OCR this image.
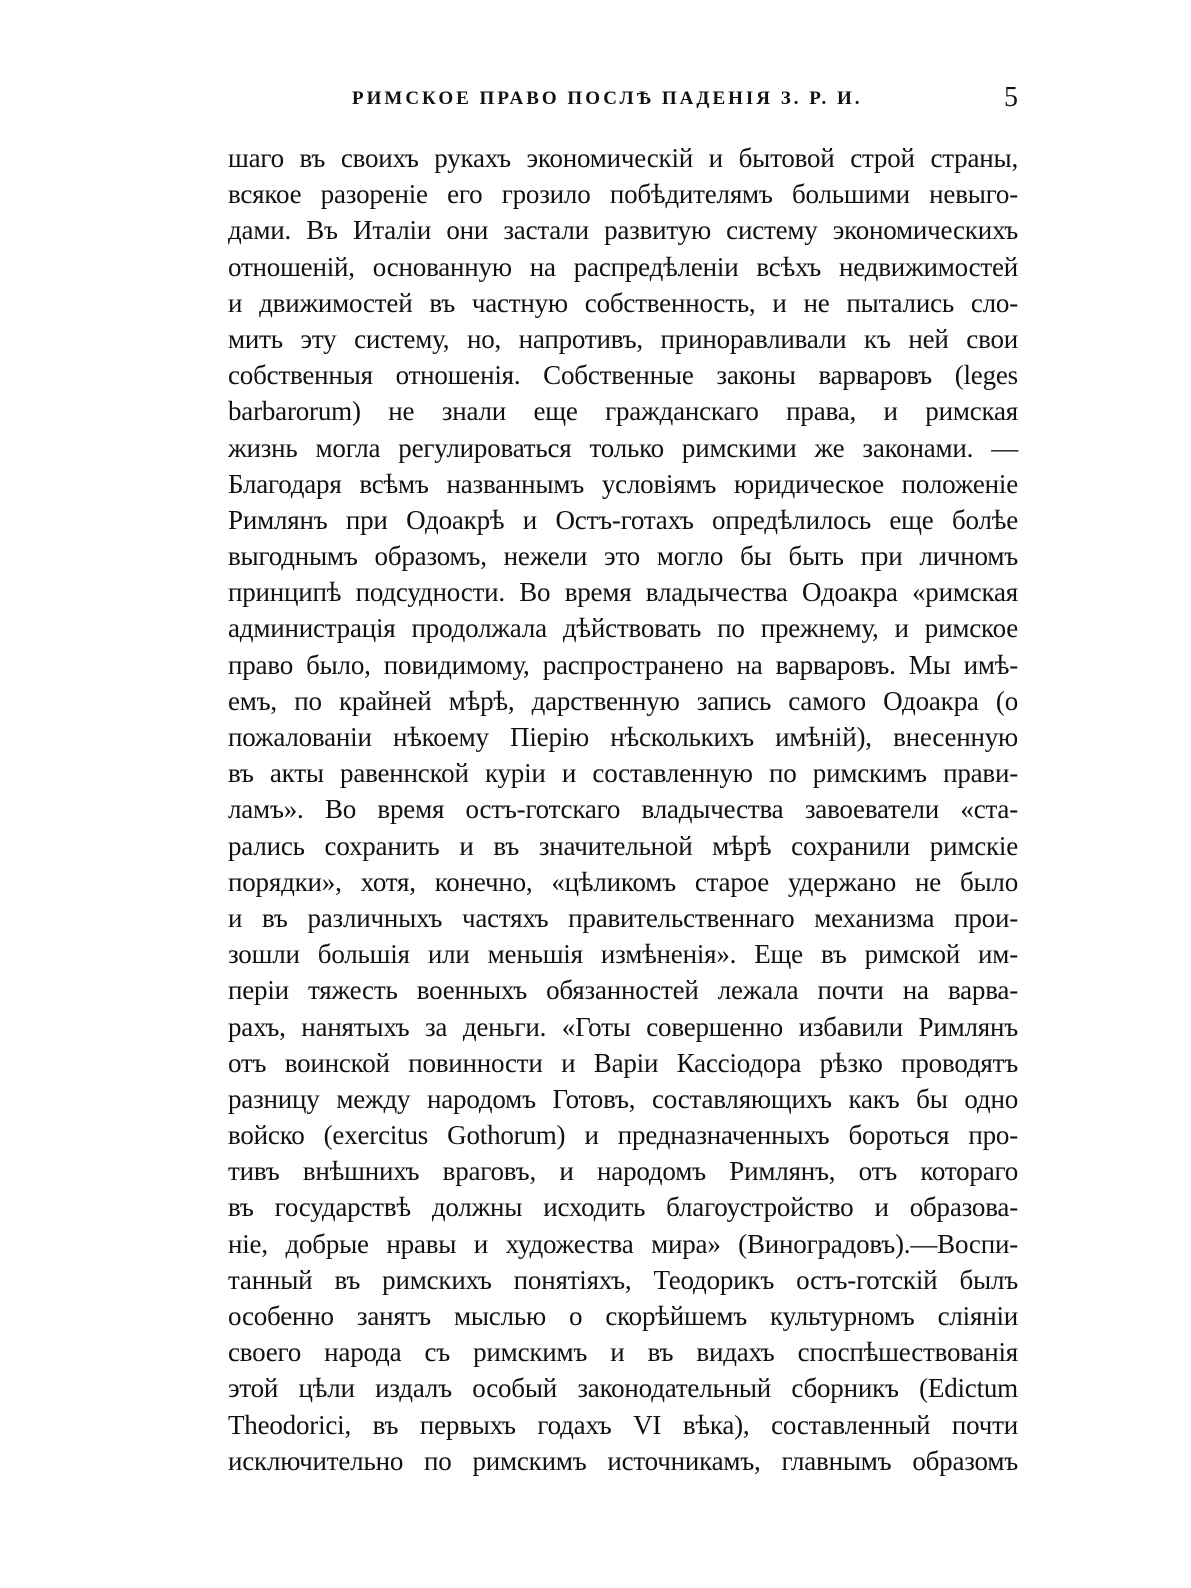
РИМСКОЕ ПРАВО ПОСЛѢ ПАДЕНІЯ З. Р. И.	5
шаго въ своихъ рукахъ экономическій и бытовой строй страны,
всякое разореніе его грозило побѣдителямъ большими невыго-
дами. Въ Италіи они застали развитую систему экономическихъ
отношеній, основанную на распредѣленіи всѣхъ недвижимостей
и движимостей въ частную собственность, и не пытались сло-
мить эту систему, но, напротивъ, приноравливали къ ней свои
собственныя отношенія. Собственные законы варваровъ (leges
barbarorum) не знали еще гражданскаго права, и римская
жизнь могла регулироваться только римскими же законами. —
Благодаря всѣмъ названнымъ условіямъ юридическое положеніе
Римлянъ при Одоакрѣ и Остъ-готахъ опредѣлилось еще болѣе
выгоднымъ образомъ, нежели это могло бы быть при личномъ
принципѣ подсудности. Во время владычества Одоакра «римская
администрація продолжала дѣйствовать по прежнему, и римское
право было, повидимому, распространено на варваровъ. Мы имѣ-
емъ, по крайней мѣрѣ, дарственную запись самого Одоакра (о
пожалованіи нѣкоему Піерію нѣсколькихъ имѣній), внесенную
въ акты равеннской куріи и составленную по римскимъ прави-
ламъ». Во время остъ-готскаго владычества завоеватели «ста-
рались сохранить и въ значительной мѣрѣ сохранили римскіе
порядки», хотя, конечно, «цѣликомъ старое удержано не было
и въ различныхъ частяхъ правительственнаго механизма прои-
зошли большія или меньшія измѣненія». Еще въ римской им-
періи тяжесть военныхъ обязанностей лежала почти на варва-
рахъ, нанятыхъ за деньги. «Готы совершенно избавили Римлянъ
отъ воинской повинности и Варіи Кассіодора рѣзко проводятъ
разницу между народомъ Готовъ, составляющихъ какъ бы одно
войско (exercitus Gothorum) и предназначенныхъ бороться про-
тивъ внѣшнихъ враговъ, и народомъ Римлянъ, отъ котораго
въ государствѣ должны исходить благоустройство и образова-
ніе, добрые нравы и художества мира» (Виноградовъ).—Воспи-
танный въ римскихъ понятіяхъ, Теодорикъ остъ-готскій былъ
особенно занятъ мыслью о скорѣйшемъ культурномъ сліяніи
своего народа съ римскимъ и въ видахъ споспѣшествованія
этой цѣли издалъ особый законодательный сборникъ (Edictum
Theodorici, въ первыхъ годахъ VI вѣка), составленный почти
исключительно по римскимъ источникамъ, главнымъ образомъ
